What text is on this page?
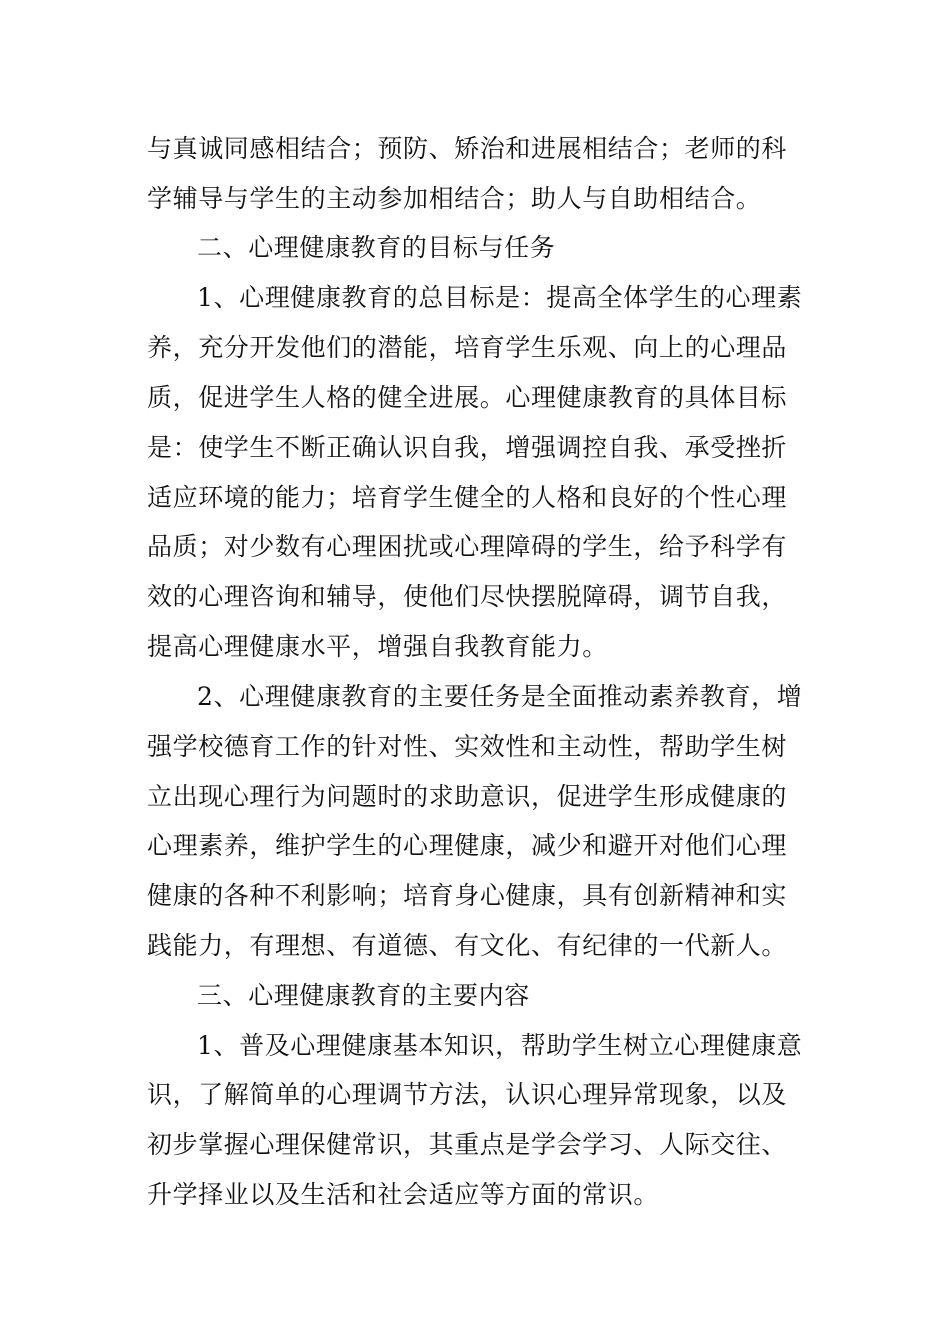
与真诚同感相结合；预防、矫治和进展相结合；老师的科
学辅导与学生的主动参加相结合；助人与自助相结合。
二、心理健康教育的目标与任务
1、心理健康教育的总目标是：提高全体学生的心理素
养，充分开发他们的潜能，培育学生乐观、向上的心理品
质，促进学生人格的健全进展。心理健康教育的具体目标
是：使学生不断正确认识自我，增强调控自我、承受挫折
适应环境的能力；培育学生健全的人格和良好的个性心理
品质；对少数有心理困扰或心理障碍的学生，给予科学有
效的心理咨询和辅导，使他们尽快摆脱障碍，调节自我，
提高心理健康水平，增强自我教育能力。
2、心理健康教育的主要任务是全面推动素养教育，增
强学校德育工作的针对性、实效性和主动性，帮助学生树
立出现心理行为问题时的求助意识，促进学生形成健康的
心理素养，维护学生的心理健康，减少和避开对他们心理
健康的各种不利影响；培育身心健康，具有创新精神和实
践能力，有理想、有道德、有文化、有纪律的一代新人。
三、心理健康教育的主要内容
1、普及心理健康基本知识，帮助学生树立心理健康意
识，了解简单的心理调节方法，认识心理异常现象，以及
初步掌握心理保健常识，其重点是学会学习、人际交往、
升学择业以及生活和社会适应等方面的常识。
